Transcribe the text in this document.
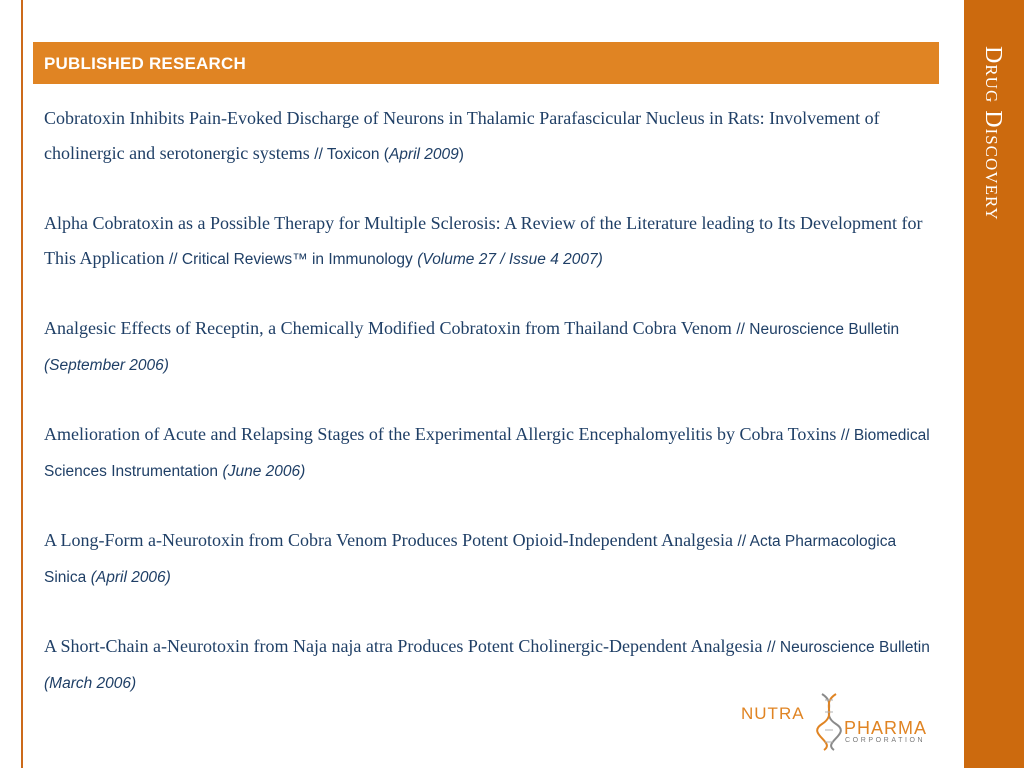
Drug Discovery
PUBLISHED RESEARCH
Cobratoxin Inhibits Pain-Evoked Discharge of Neurons in Thalamic Parafascicular Nucleus in Rats: Involvement of cholinergic and serotonergic systems // Toxicon (April 2009)
Alpha Cobratoxin as a Possible Therapy for Multiple Sclerosis: A Review of the Literature leading to Its Development for This Application // Critical Reviews™ in Immunology (Volume 27 / Issue 4 2007)
Analgesic Effects of Receptin, a Chemically Modified Cobratoxin from Thailand Cobra Venom // Neuroscience Bulletin (September 2006)
Amelioration of Acute and Relapsing Stages of the Experimental Allergic Encephalomyelitis by Cobra Toxins // Biomedical Sciences Instrumentation (June 2006)
A Long-Form a-Neurotoxin from Cobra Venom Produces Potent Opioid-Independent Analgesia // Acta Pharmacologica Sinica (April 2006)
A Short-Chain a-Neurotoxin from Naja naja atra Produces Potent Cholinergic-Dependent Analgesia // Neuroscience Bulletin (March 2006)
NUTRA
PHARMA
CORPORATION
